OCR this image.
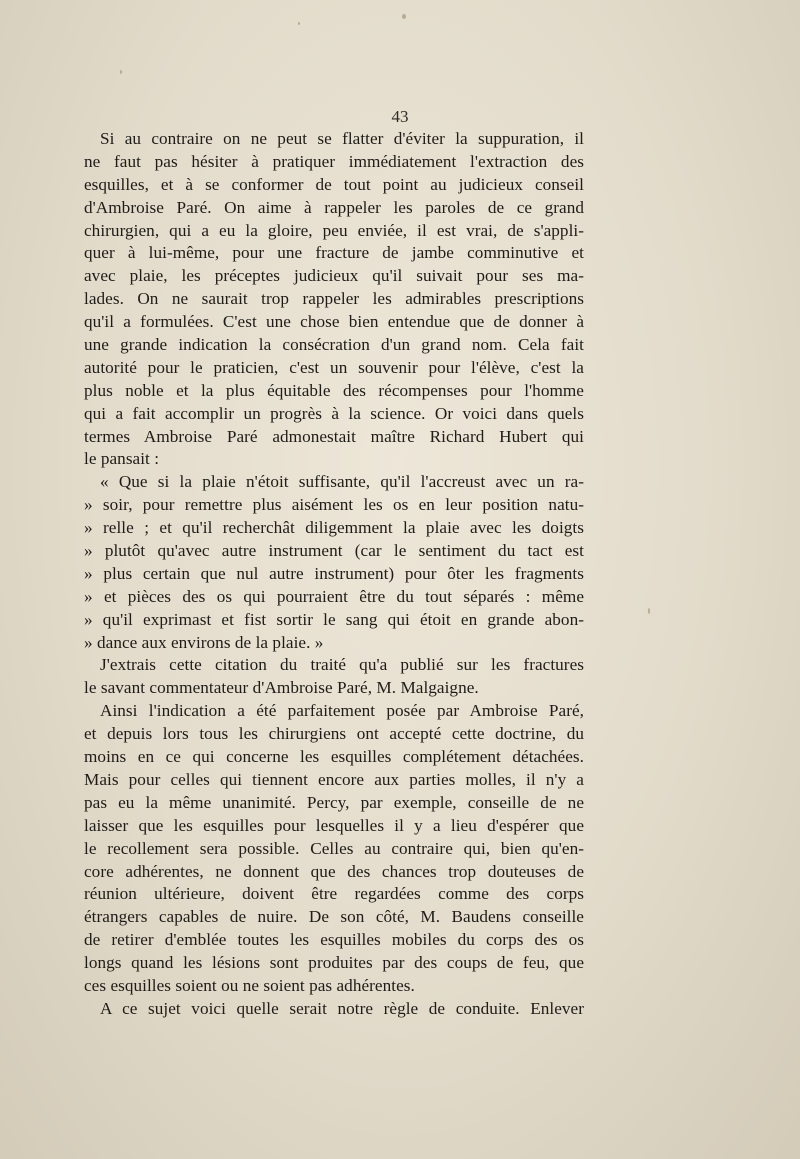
43
Si au contraire on ne peut se flatter d'éviter la suppuration, il
ne faut pas hésiter à pratiquer immédiatement l'extraction des
esquilles, et à se conformer de tout point au judicieux conseil
d'Ambroise Paré. On aime à rappeler les paroles de ce grand
chirurgien, qui a eu la gloire, peu enviée, il est vrai, de s'appli-
quer à lui-même, pour une fracture de jambe comminutive et
avec plaie, les préceptes judicieux qu'il suivait pour ses ma-
lades. On ne saurait trop rappeler les admirables prescriptions
qu'il a formulées. C'est une chose bien entendue que de donner à
une grande indication la consécration d'un grand nom. Cela fait
autorité pour le praticien, c'est un souvenir pour l'élève, c'est la
plus noble et la plus équitable des récompenses pour l'homme
qui a fait accomplir un progrès à la science. Or voici dans quels
termes Ambroise Paré admonestait maître Richard Hubert qui
le pansait :
« Que si la plaie n'étoit suffisante, qu'il l'accreust avec un ra-
» soir, pour remettre plus aisément les os en leur position natu-
» relle ; et qu'il recherchât diligemment la plaie avec les doigts
» plutôt qu'avec autre instrument (car le sentiment du tact est
» plus certain que nul autre instrument) pour ôter les fragments
» et pièces des os qui pourraient être du tout séparés : même
» qu'il exprimast et fist sortir le sang qui étoit en grande abon-
» dance aux environs de la plaie. »
J'extrais cette citation du traité qu'a publié sur les fractures
le savant commentateur d'Ambroise Paré, M. Malgaigne.
Ainsi l'indication a été parfaitement posée par Ambroise Paré,
et depuis lors tous les chirurgiens ont accepté cette doctrine, du
moins en ce qui concerne les esquilles complétement détachées.
Mais pour celles qui tiennent encore aux parties molles, il n'y a
pas eu la même unanimité. Percy, par exemple, conseille de ne
laisser que les esquilles pour lesquelles il y a lieu d'espérer que
le recollement sera possible. Celles au contraire qui, bien qu'en-
core adhérentes, ne donnent que des chances trop douteuses de
réunion ultérieure, doivent être regardées comme des corps
étrangers capables de nuire. De son côté, M. Baudens conseille
de retirer d'emblée toutes les esquilles mobiles du corps des os
longs quand les lésions sont produites par des coups de feu, que
ces esquilles soient ou ne soient pas adhérentes.
A ce sujet voici quelle serait notre règle de conduite. Enlever
